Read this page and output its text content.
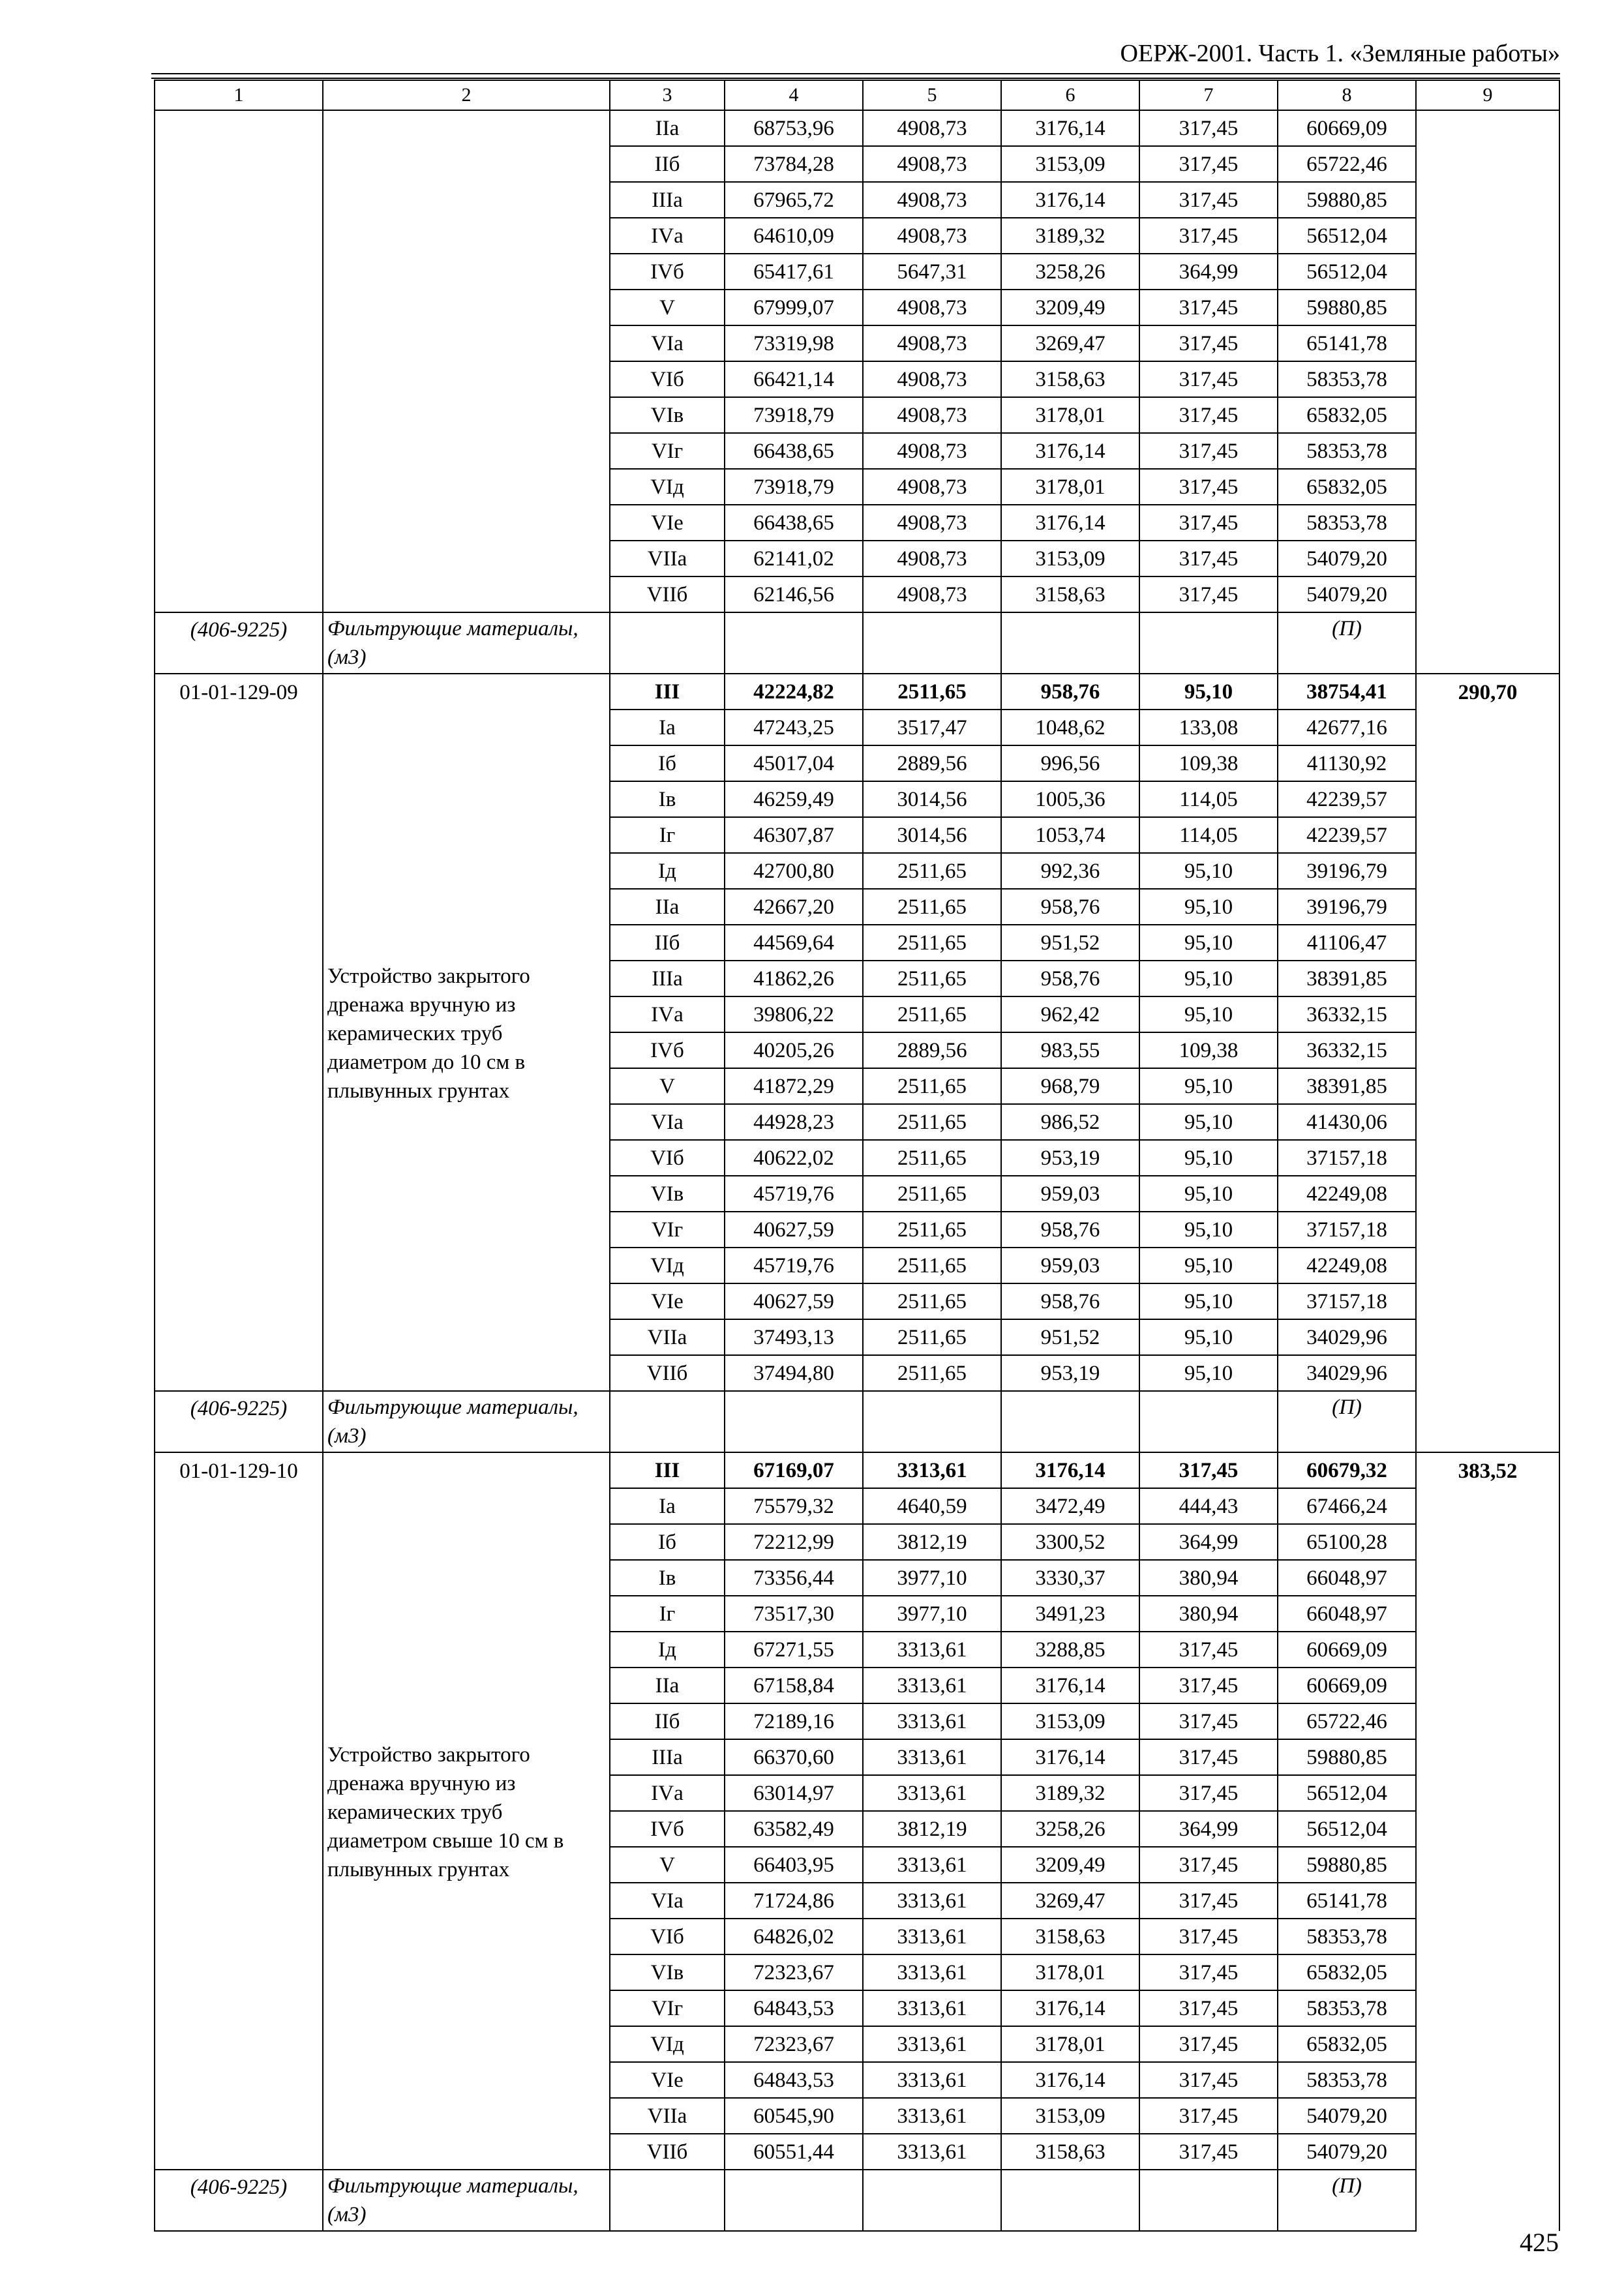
ОЕРЖ-2001. Часть 1. «Земляные работы»
1	2	3	4	5	6	7	8	9
		IIа	68753,96	4908,73	3176,14	317,45	60669,09	
		IIб	73784,28	4908,73	3153,09	317,45	65722,46	
		IIIа	67965,72	4908,73	3176,14	317,45	59880,85	
		IVа	64610,09	4908,73	3189,32	317,45	56512,04	
		IVб	65417,61	5647,31	3258,26	364,99	56512,04	
		V	67999,07	4908,73	3209,49	317,45	59880,85	
		VIа	73319,98	4908,73	3269,47	317,45	65141,78	
		VIб	66421,14	4908,73	3158,63	317,45	58353,78	
		VIв	73918,79	4908,73	3178,01	317,45	65832,05	
		VIг	66438,65	4908,73	3176,14	317,45	58353,78	
		VIд	73918,79	4908,73	3178,01	317,45	65832,05	
		VIе	66438,65	4908,73	3176,14	317,45	58353,78	
		VIIа	62141,02	4908,73	3153,09	317,45	54079,20	
		VIIб	62146,56	4908,73	3158,63	317,45	54079,20	
(406-9225)	Фильтрующие материалы, (м3)						(П)	
01-01-129-09	Устройство закрытого дренажа вручную из керамических труб диаметром до 10 см в плывунных грунтах	III	42224,82	2511,65	958,76	95,10	38754,41	290,70
		Iа	47243,25	3517,47	1048,62	133,08	42677,16	
		Iб	45017,04	2889,56	996,56	109,38	41130,92	
		Iв	46259,49	3014,56	1005,36	114,05	42239,57	
		Iг	46307,87	3014,56	1053,74	114,05	42239,57	
		Iд	42700,80	2511,65	992,36	95,10	39196,79	
		IIа	42667,20	2511,65	958,76	95,10	39196,79	
		IIб	44569,64	2511,65	951,52	95,10	41106,47	
		IIIа	41862,26	2511,65	958,76	95,10	38391,85	
		IVа	39806,22	2511,65	962,42	95,10	36332,15	
		IVб	40205,26	2889,56	983,55	109,38	36332,15	
		V	41872,29	2511,65	968,79	95,10	38391,85	
		VIа	44928,23	2511,65	986,52	95,10	41430,06	
		VIб	40622,02	2511,65	953,19	95,10	37157,18	
		VIв	45719,76	2511,65	959,03	95,10	42249,08	
		VIг	40627,59	2511,65	958,76	95,10	37157,18	
		VIд	45719,76	2511,65	959,03	95,10	42249,08	
		VIе	40627,59	2511,65	958,76	95,10	37157,18	
		VIIа	37493,13	2511,65	951,52	95,10	34029,96	
		VIIб	37494,80	2511,65	953,19	95,10	34029,96	
(406-9225)	Фильтрующие материалы, (м3)						(П)	
01-01-129-10	Устройство закрытого дренажа вручную из керамических труб диаметром свыше 10 см в плывунных грунтах	III	67169,07	3313,61	3176,14	317,45	60679,32	383,52
		Iа	75579,32	4640,59	3472,49	444,43	67466,24	
		Iб	72212,99	3812,19	3300,52	364,99	65100,28	
		Iв	73356,44	3977,10	3330,37	380,94	66048,97	
		Iг	73517,30	3977,10	3491,23	380,94	66048,97	
		Iд	67271,55	3313,61	3288,85	317,45	60669,09	
		IIа	67158,84	3313,61	3176,14	317,45	60669,09	
		IIб	72189,16	3313,61	3153,09	317,45	65722,46	
		IIIа	66370,60	3313,61	3176,14	317,45	59880,85	
		IVа	63014,97	3313,61	3189,32	317,45	56512,04	
		IVб	63582,49	3812,19	3258,26	364,99	56512,04	
		V	66403,95	3313,61	3209,49	317,45	59880,85	
		VIа	71724,86	3313,61	3269,47	317,45	65141,78	
		VIб	64826,02	3313,61	3158,63	317,45	58353,78	
		VIв	72323,67	3313,61	3178,01	317,45	65832,05	
		VIг	64843,53	3313,61	3176,14	317,45	58353,78	
		VIд	72323,67	3313,61	3178,01	317,45	65832,05	
		VIе	64843,53	3313,61	3176,14	317,45	58353,78	
		VIIа	60545,90	3313,61	3153,09	317,45	54079,20	
		VIIб	60551,44	3313,61	3158,63	317,45	54079,20	
(406-9225)	Фильтрующие материалы, (м3)						(П)	
425
